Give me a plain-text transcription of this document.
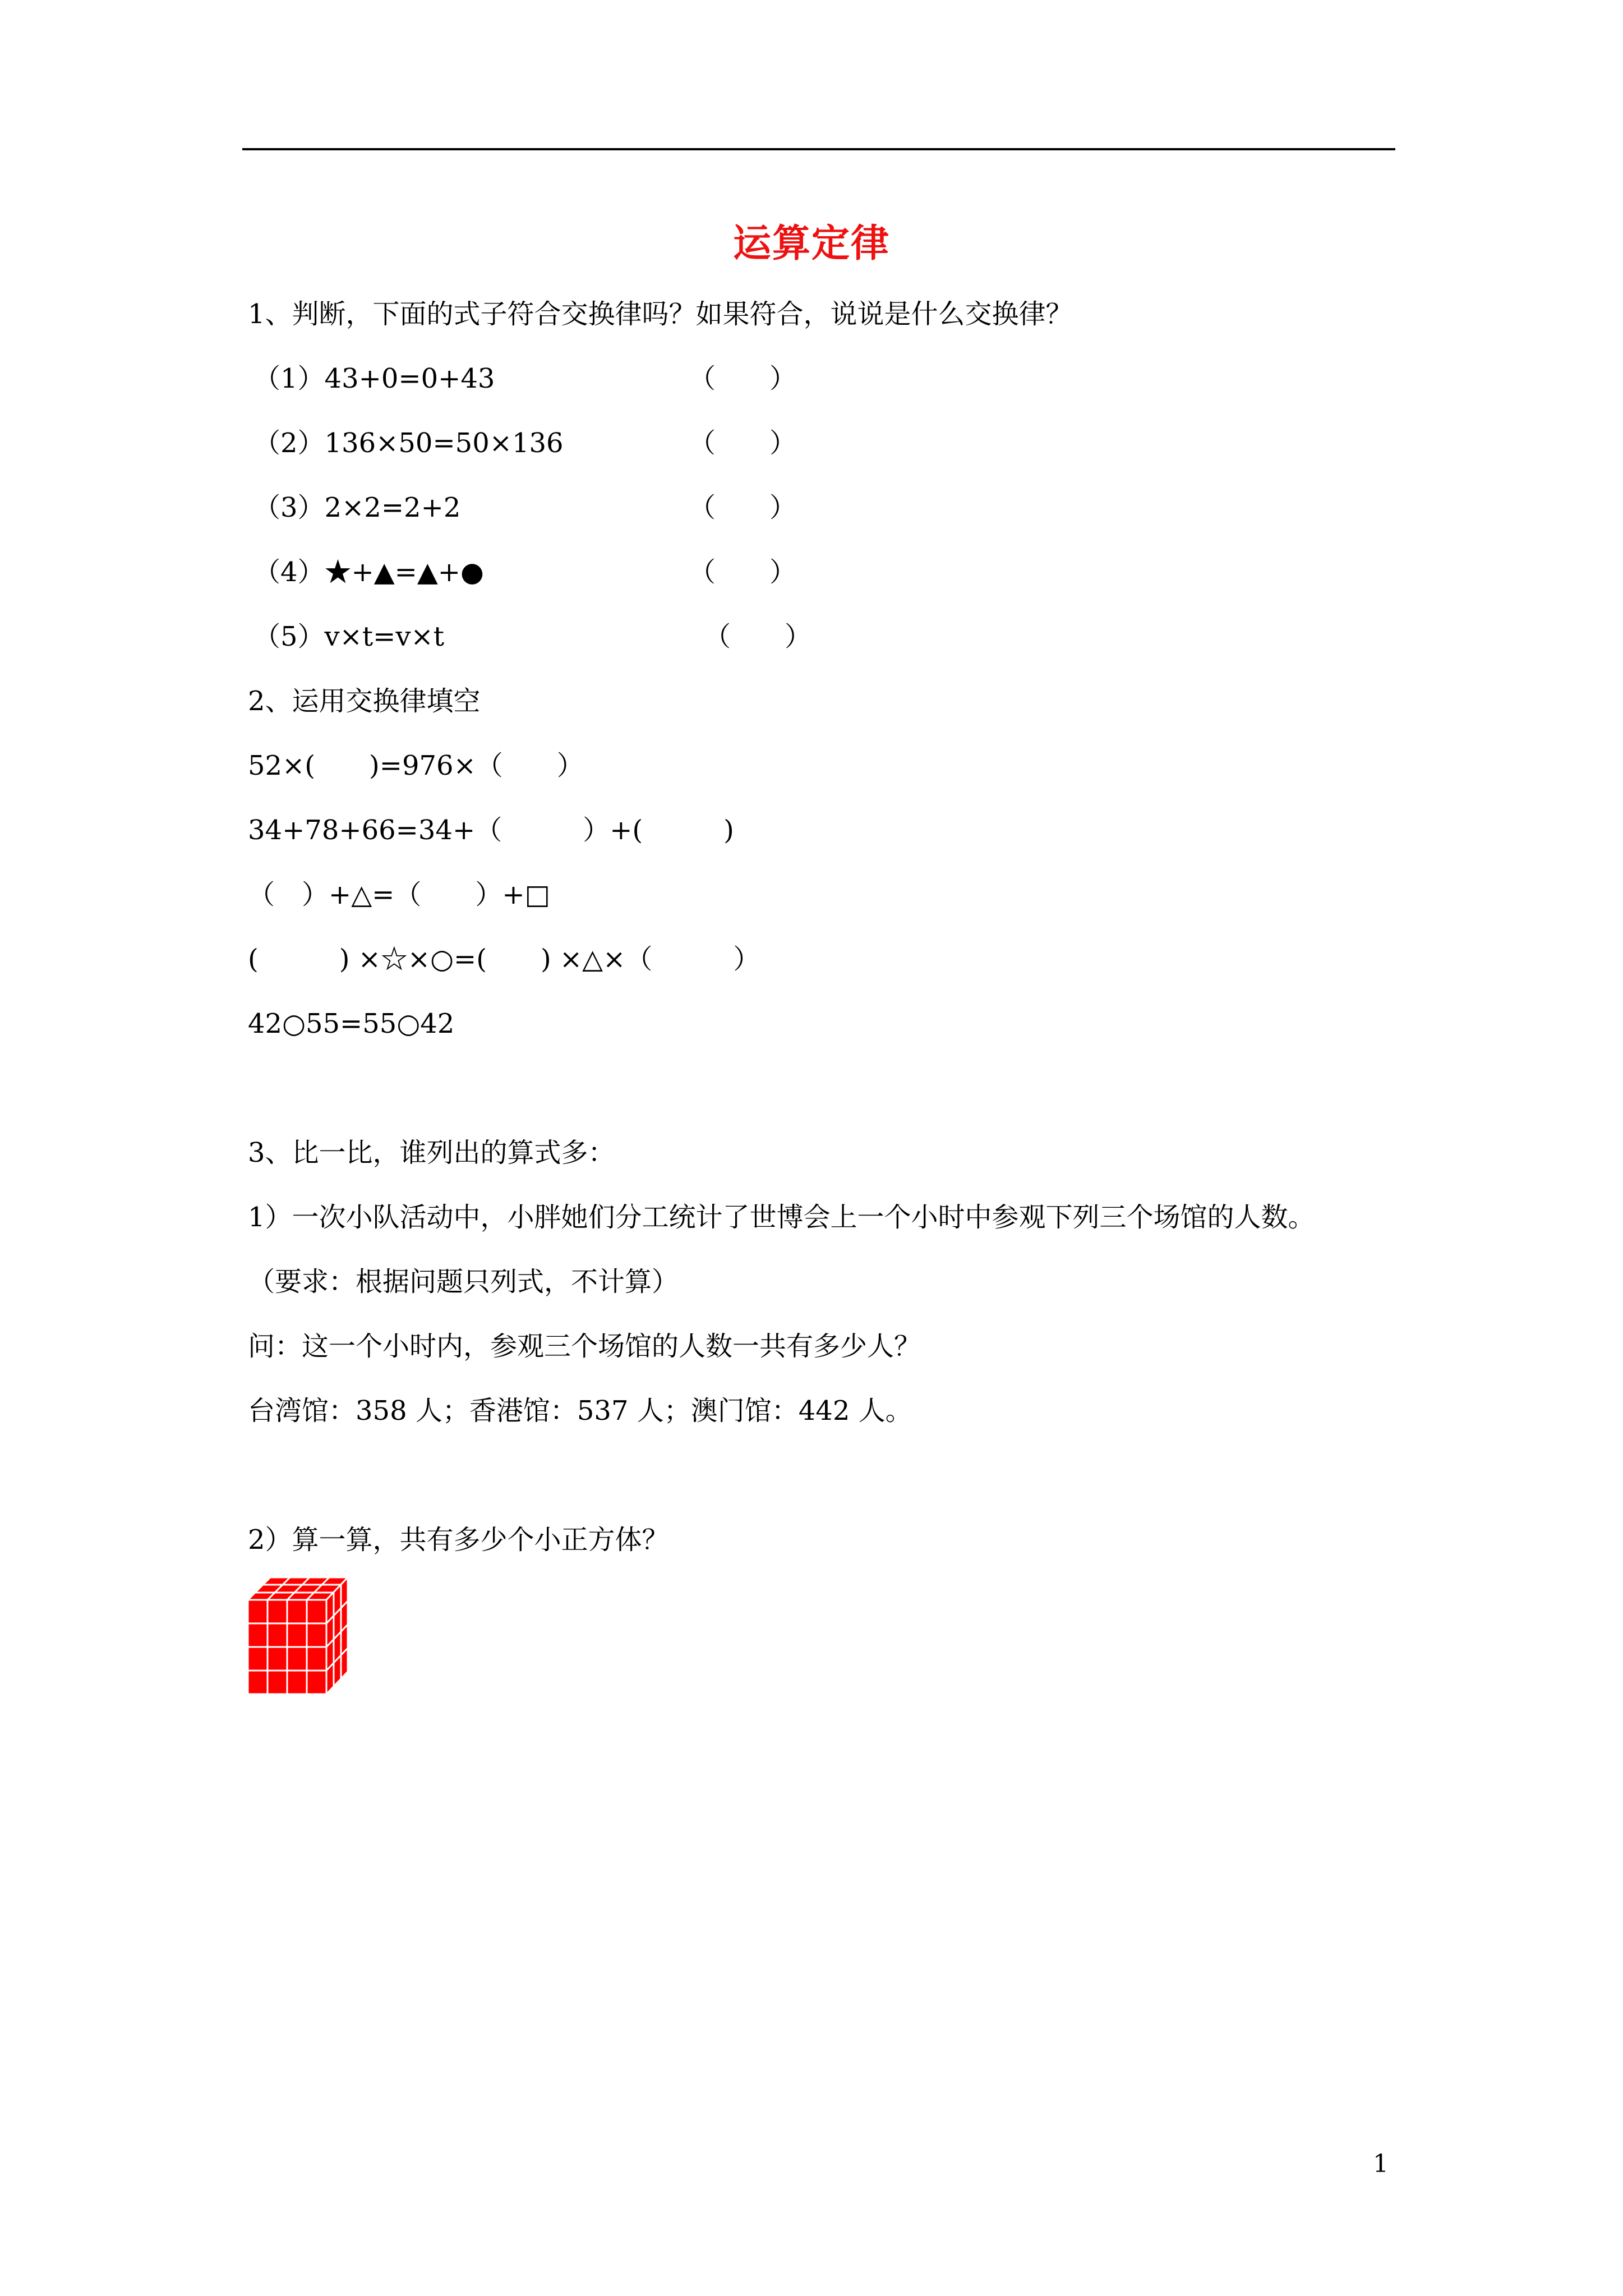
运算定律
1、判断，下面的式子符合交换律吗？如果符合，说说是什么交换律？
（1）43+0=0+43	（　　）
（2）136×50=50×136	（　　）
（3）2×2=2+2	（　　）
（4）★+▲=▲+●	（　　）
（5）v×t=v×t	（　　）
2、运用交换律填空
52×(　　)=976×（　　）
34+78+66=34+（　　　）+(　　　)
（　）+△=（　　）+□
(　　　) ×☆×○=(　　) ×△×（　　　）
42○55=55○42
3、比一比，谁列出的算式多：
1）一次小队活动中，小胖她们分工统计了世博会上一个小时中参观下列三个场馆的人数。
（要求：根据问题只列式，不计算）
问：这一个小时内，参观三个场馆的人数一共有多少人？
台湾馆：358 人；香港馆：537 人；澳门馆：442 人。
2）算一算，共有多少个小正方体？
1
